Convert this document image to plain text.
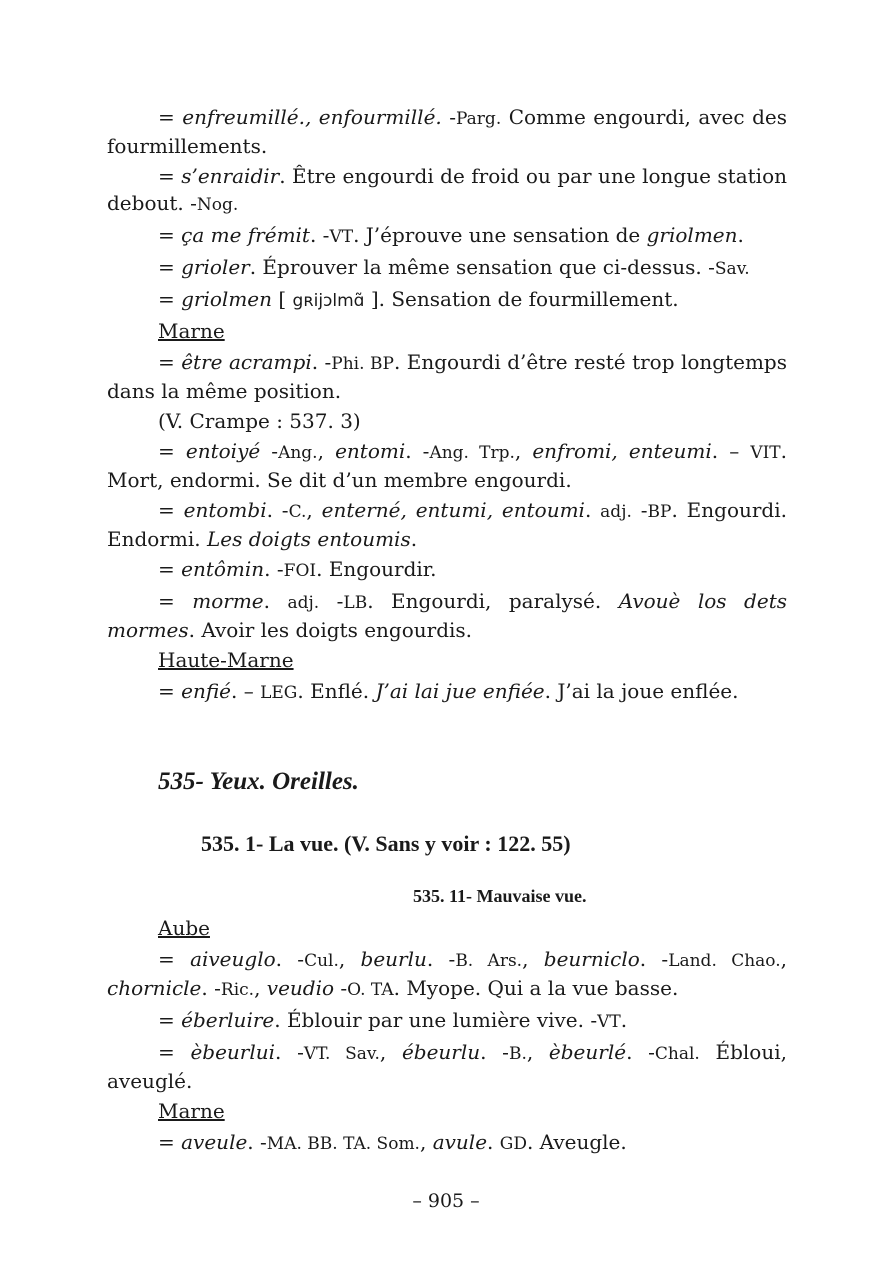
= enfreumillé., enfourmillé. -Parg. Comme engourdi, avec des fourmillements.

= s’enraidir. Être engourdi de froid ou par une longue station debout. -Nog.

= ça me frémit. -VT. J’éprouve une sensation de griolmen.

= grioler. Éprouver la même sensation que ci-dessus. -Sav.

= griolmen [ gʀijɔlmɑ̃ ]. Sensation de fourmillement.

Marne

= être acrampi. -Phi. BP. Engourdi d’être resté trop longtemps dans la même position.

(V. Crampe : 537. 3)

= entoiyé -Ang., entomi. -Ang. Trp., enfromi, enteumi. – VIT. Mort, endormi. Se dit d’un membre engourdi.

= entombi. -C., enterné, entumi, entoumi. adj. -BP. Engourdi. Endormi. Les doigts entoumis.

= entômin. -FOI. Engourdir.

= morme. adj. -LB. Engourdi, paralysé. Avouè los dets mormes. Avoir les doigts engourdis.

Haute-Marne

= enfié. – LEG. Enflé. J’ai lai jue enfiée. J’ai la joue enflée.

535- Yeux. Oreilles.
535. 1- La vue. (V. Sans y voir : 122. 55)
535. 11- Mauvaise vue.
Aube

= aiveuglo. -Cul., beurlu. -B. Ars., beurniclo. -Land. Chao., chornicle. -Ric., veudio -O. TA. Myope. Qui a la vue basse.

= éberluire. Éblouir par une lumière vive. -VT.

= èbeurlui. -VT. Sav., ébeurlu. -B., èbeurlé. -Chal. Ébloui, aveuglé.

Marne

= aveule. -MA. BB. TA. Som., avule. GD. Aveugle.

– 905 –
